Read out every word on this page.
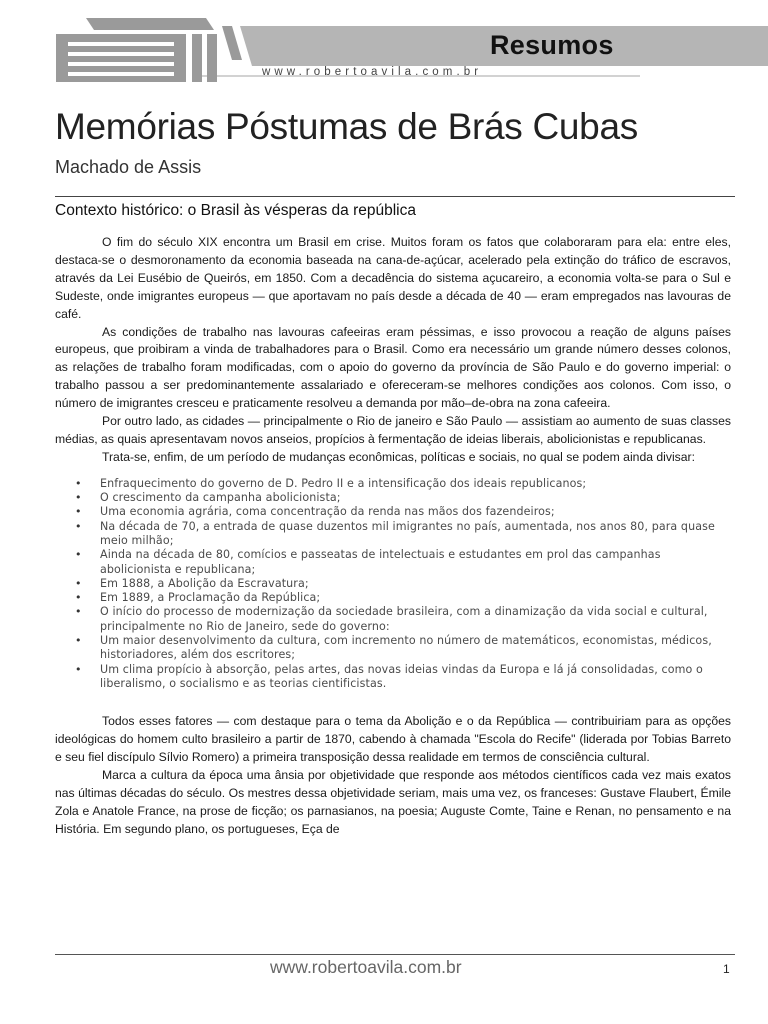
Resumos
www.robertoavila.com.br
Memórias Póstumas de Brás Cubas
Machado de Assis
Contexto histórico: o Brasil às vésperas da república

O fim do século XIX encontra um Brasil em crise. Muitos foram os fatos que colaboraram para ela: entre eles, destaca-se o desmoronamento da economia baseada na cana-de-açúcar, acelerado pela extinção do tráfico de escravos, através da Lei Eusébio de Queirós, em 1850. Com a decadência do sistema açucareiro, a economia volta-se para o Sul e Sudeste, onde imigrantes europeus — que aportavam no país desde a década de 40 — eram empregados nas lavouras de café.

As condições de trabalho nas lavouras cafeeiras eram péssimas, e isso provocou a reação de alguns países europeus, que proibiram a vinda de trabalhadores para o Brasil. Como era necessário um grande número desses colonos, as relações de trabalho foram modificadas, com o apoio do governo da província de São Paulo e do governo imperial: o trabalho passou a ser predominantemente assalariado e ofereceram-se melhores condições aos colonos. Com isso, o número de imigrantes cresceu e praticamente resolveu a demanda por mão–de-obra na zona cafeeira.

Por outro lado, as cidades — principalmente o Rio de janeiro e São Paulo — assistiam ao aumento de suas classes médias, as quais apresentavam novos anseios, propícios à fermentação de ideias liberais, abolicionistas e republicanas.

Trata-se, enfim, de um período de mudanças econômicas, políticas e sociais, no qual se podem ainda divisar:

• Enfraquecimento do governo de D. Pedro II e a intensificação dos ideais republicanos;
• O crescimento da campanha abolicionista;
• Uma economia agrária, coma concentração da renda nas mãos dos fazendeiros;
• Na década de 70, a entrada de quase duzentos mil imigrantes no país, aumentada, nos anos 80, para quase meio milhão;
• Ainda na década de 80, comícios e passeatas de intelectuais e estudantes em prol das campanhas abolicionista e republicana;
• Em 1888, a Abolição da Escravatura;
• Em 1889, a Proclamação da República;
• O início do processo de modernização da sociedade brasileira, com a dinamização da vida social e cultural, principalmente no Rio de Janeiro, sede do governo:
• Um maior desenvolvimento da cultura, com incremento no número de matemáticos, economistas, médicos, historiadores, além dos escritores;
• Um clima propício à absorção, pelas artes, das novas ideias vindas da Europa e lá já consolidadas, como o liberalismo, o socialismo e as teorias cientificistas.

Todos esses fatores — com destaque para o tema da Abolição e o da República — contribuiriam para as opções ideológicas do homem culto brasileiro a partir de 1870, cabendo à chamada "Escola do Recife" (liderada por Tobias Barreto e seu fiel discípulo Sílvio Romero) a primeira transposição dessa realidade em termos de consciência cultural.

Marca a cultura da época uma ânsia por objetividade que responde aos métodos científicos cada vez mais exatos nas últimas décadas do século. Os mestres dessa objetividade seriam, mais uma vez, os franceses: Gustave Flaubert, Émile Zola e Anatole France, na prose de ficção; os parnasianos, na poesia; Auguste Comte, Taine e Renan, no pensamento e na História. Em segundo plano, os portugueses, Eça de

www.robertoavila.com.br	1
